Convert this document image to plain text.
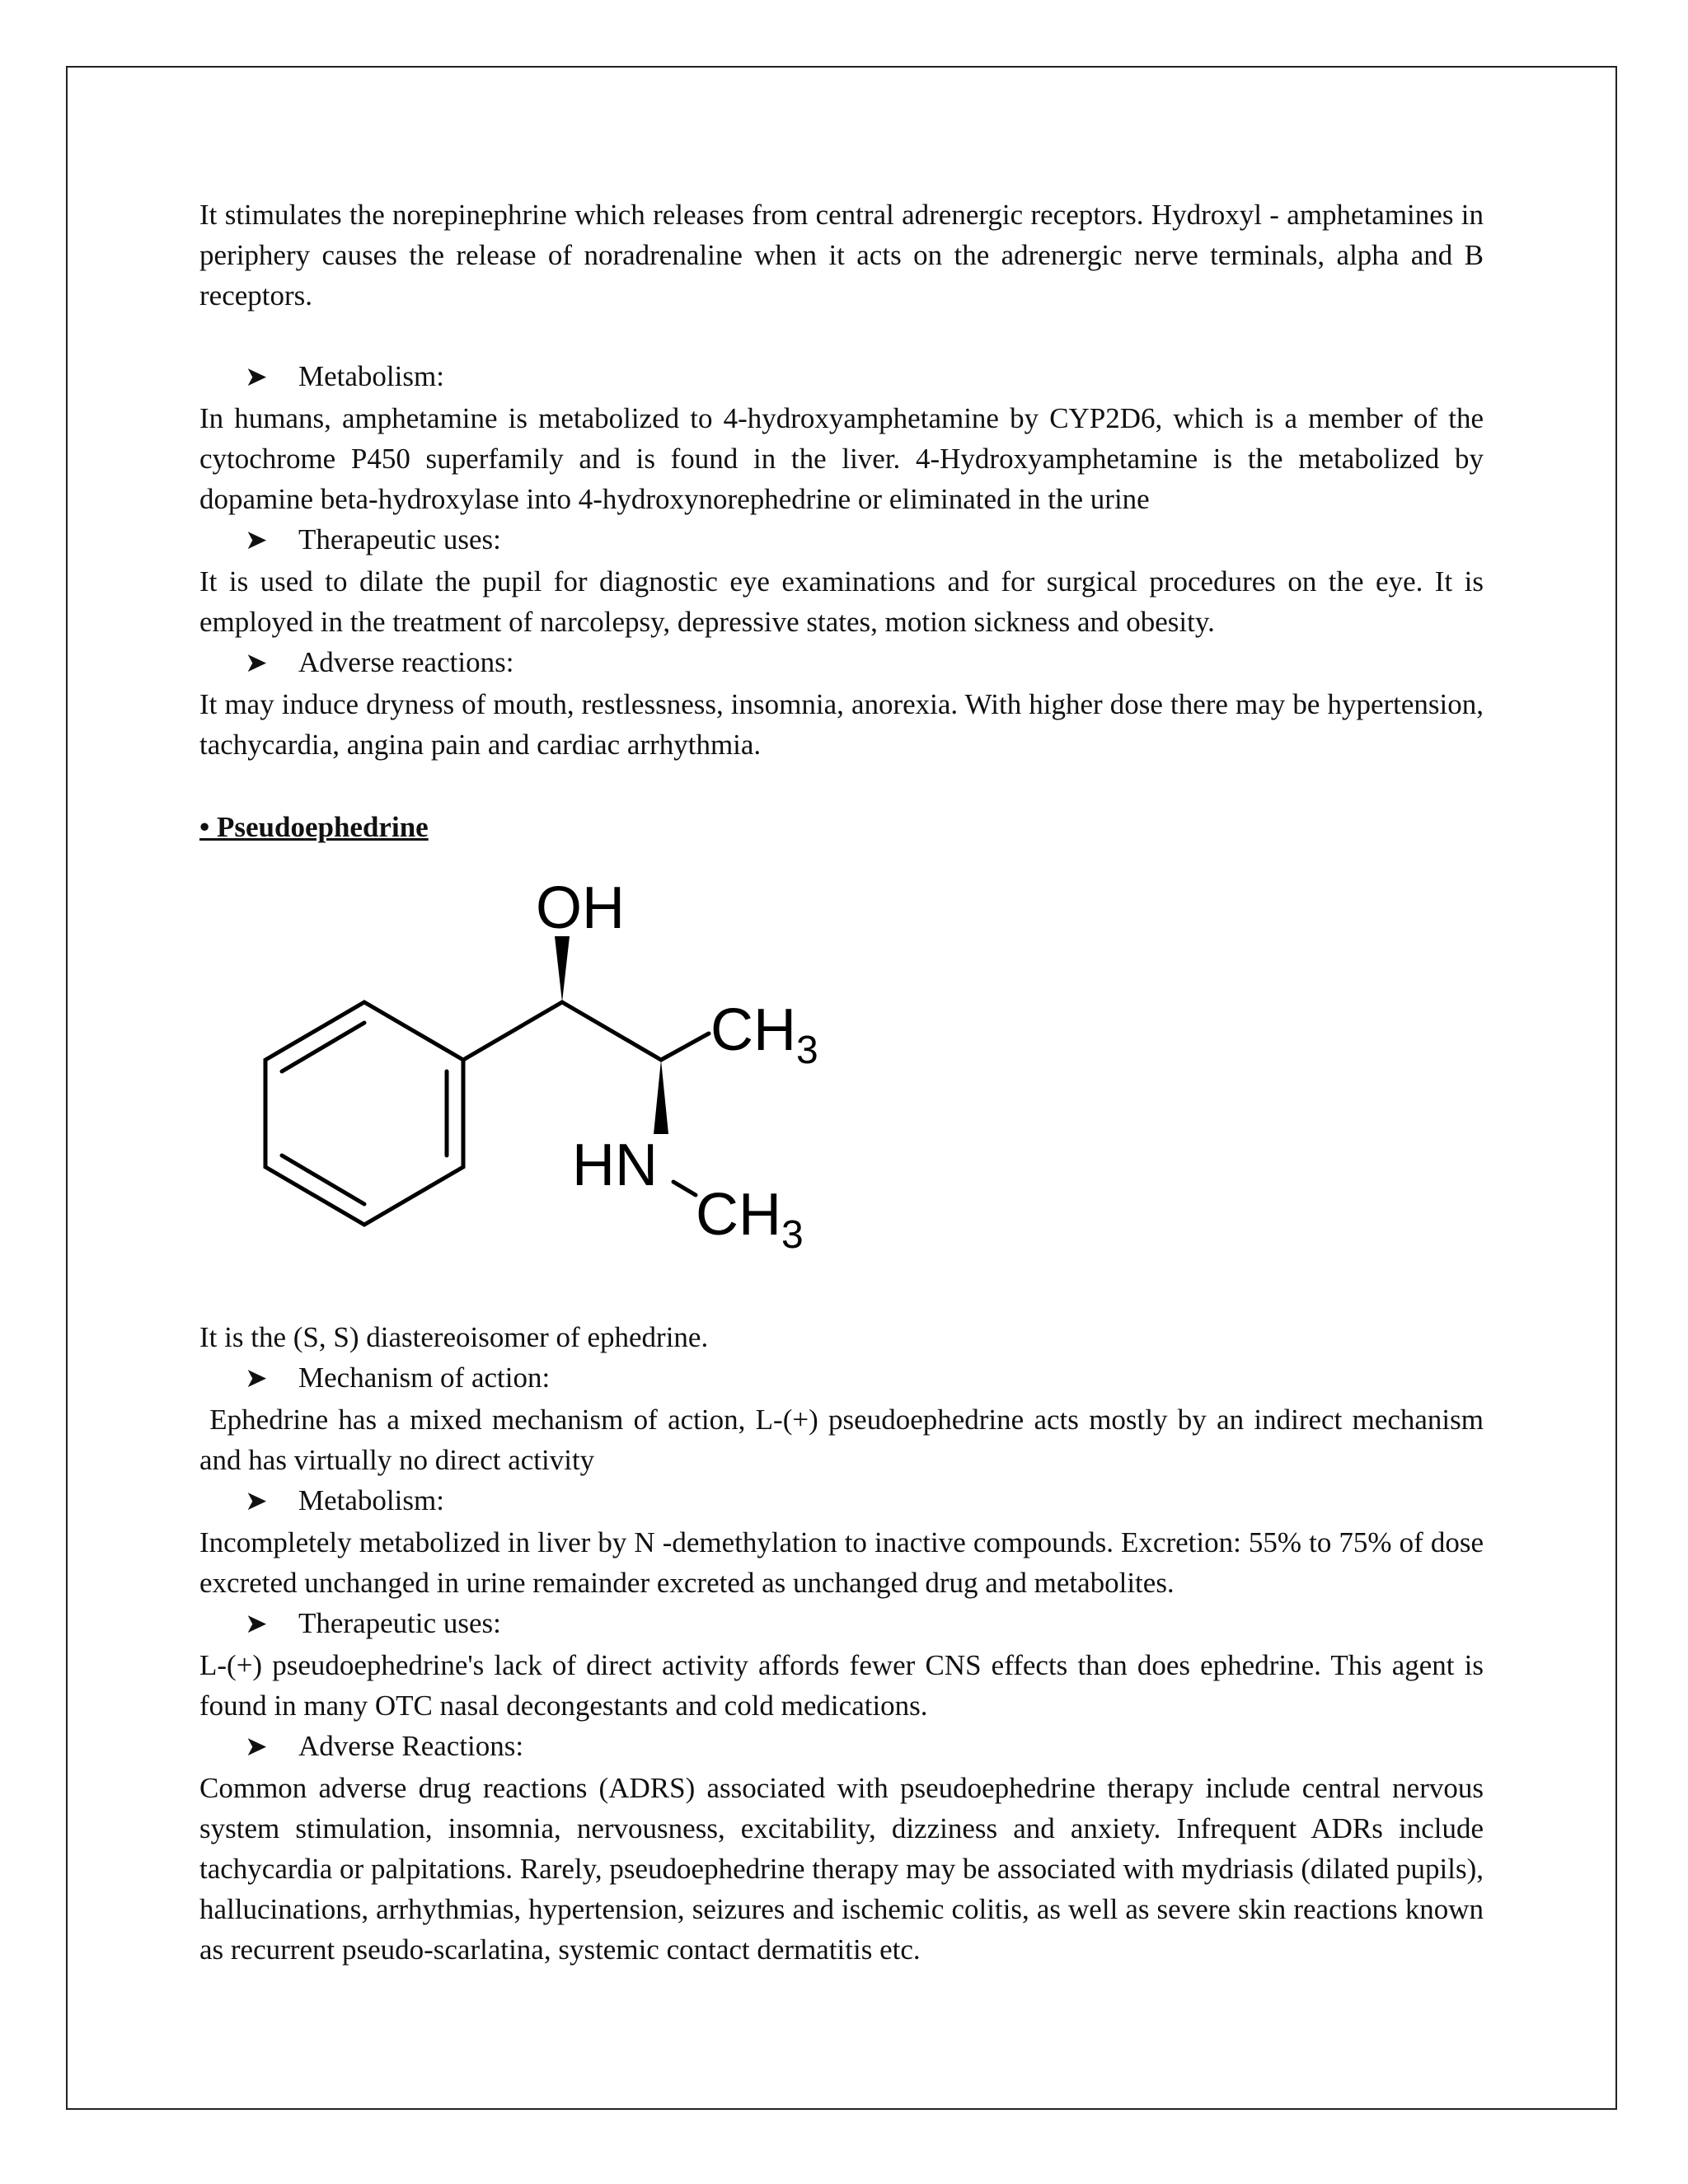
It stimulates the norepinephrine which releases from central adrenergic receptors. Hydroxyl - amphetamines in periphery causes the release of noradrenaline when it acts on the adrenergic nerve terminals, alpha and B receptors.

➤	Metabolism:

In humans, amphetamine is metabolized to 4-hydroxyamphetamine by CYP2D6, which is a member of the cytochrome P450 superfamily and is found in the liver. 4-Hydroxyamphetamine is the metabolized by dopamine beta-hydroxylase into 4-hydroxynorephedrine or eliminated in the urine

➤	Therapeutic uses:

It is used to dilate the pupil for diagnostic eye examinations and for surgical procedures on the eye. It is employed in the treatment of narcolepsy, depressive states, motion sickness and obesity.

➤	Adverse reactions:

It may induce dryness of mouth, restlessness, insomnia, anorexia. With higher dose there may be hypertension, tachycardia, angina pain and cardiac arrhythmia.

• Pseudoephedrine

OH
$CH_3$
HN
$CH_3$

It is the (S, S) diastereoisomer of ephedrine.

➤	Mechanism of action:

Ephedrine has a mixed mechanism of action, L-(+) pseudoephedrine acts mostly by an indirect mechanism and has virtually no direct activity

➤	Metabolism:

Incompletely metabolized in liver by N -demethylation to inactive compounds. Excretion: 55% to 75% of dose excreted unchanged in urine remainder excreted as unchanged drug and metabolites.

➤	Therapeutic uses:

L-(+) pseudoephedrine's lack of direct activity affords fewer CNS effects than does ephedrine. This agent is found in many OTC nasal decongestants and cold medications.

➤	Adverse Reactions:

Common adverse drug reactions (ADRS) associated with pseudoephedrine therapy include central nervous system stimulation, insomnia, nervousness, excitability, dizziness and anxiety. Infrequent ADRs include tachycardia or palpitations. Rarely, pseudoephedrine therapy may be associated with mydriasis (dilated pupils), hallucinations, arrhythmias, hypertension, seizures and ischemic colitis, as well as severe skin reactions known as recurrent pseudo-scarlatina, systemic contact dermatitis etc.
